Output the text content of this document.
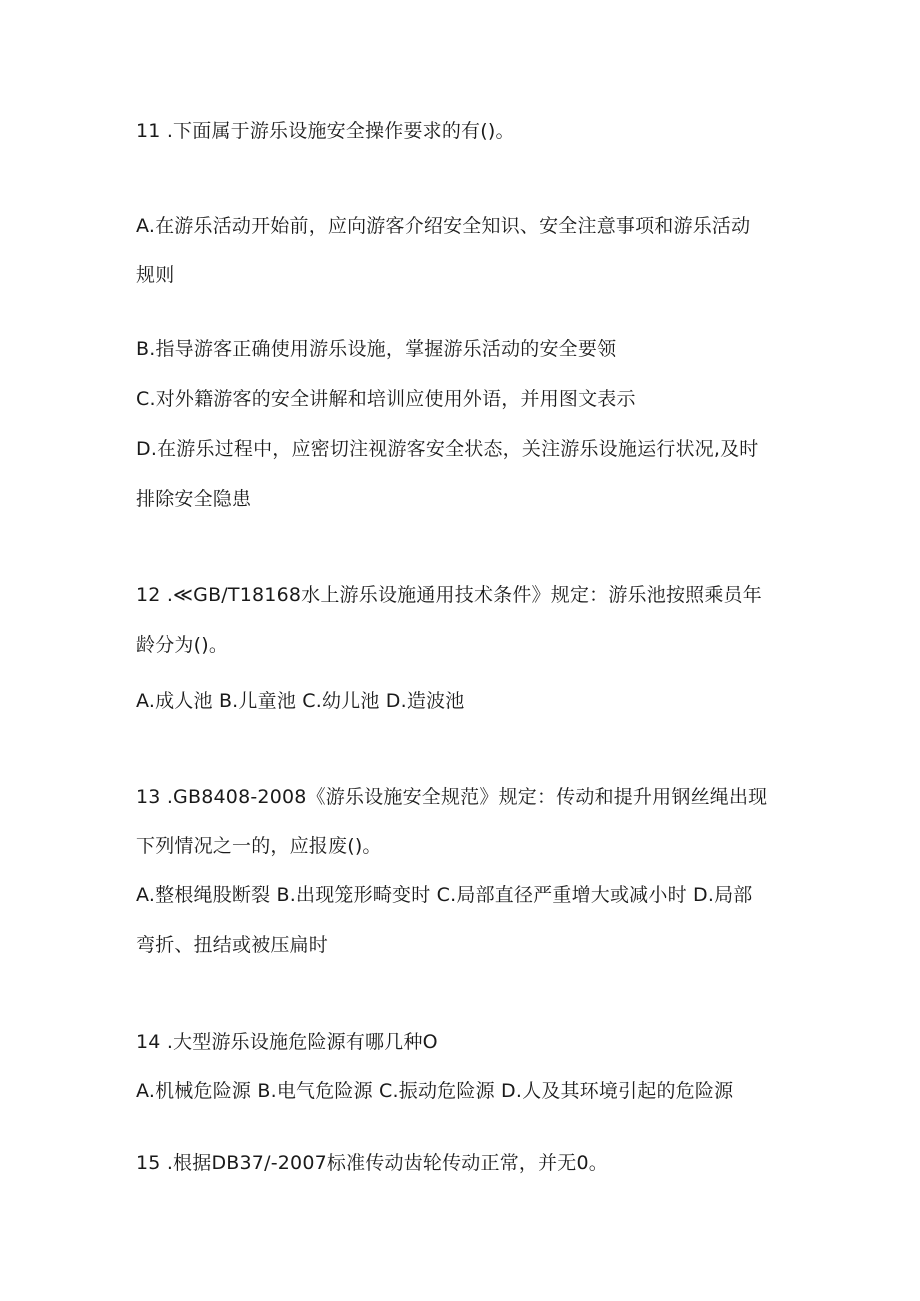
11 .下面属于游乐设施安全操作要求的有()。
A.在游乐活动开始前，应向游客介绍安全知识、安全注意事项和游乐活动
规则
B.指导游客正确使用游乐设施，掌握游乐活动的安全要领
C.对外籍游客的安全讲解和培训应使用外语，并用图文表示
D.在游乐过程中，应密切注视游客安全状态，关注游乐设施运行状况,及时
排除安全隐患
12 .≪GB/T18168水上游乐设施通用技术条件》规定：游乐池按照乘员年
龄分为()。
A.成人池 B.儿童池 C.幼儿池 D.造波池
13 .GB8408-2008《游乐设施安全规范》规定：传动和提升用钢丝绳出现
下列情况之一的，应报废()。
A.整根绳股断裂 B.出现笼形畸变时 C.局部直径严重增大或减小时 D.局部
弯折、扭结或被压扁时
14 .大型游乐设施危险源有哪几种O
A.机械危险源 B.电气危险源 C.振动危险源 D.人及其环境引起的危险源
15 .根据DB37/-2007标准传动齿轮传动正常，并无0。
